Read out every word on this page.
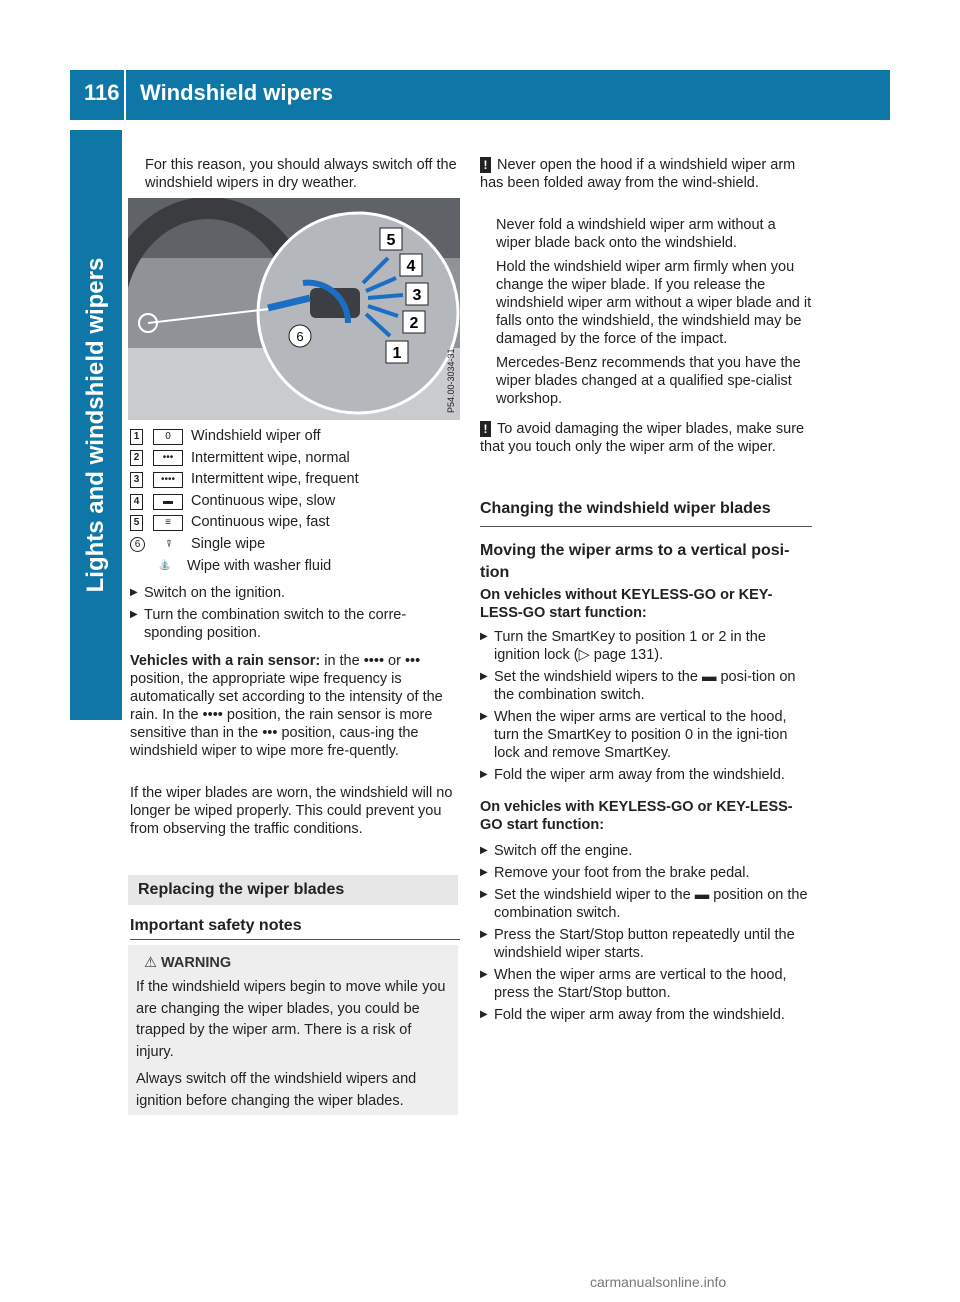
116 Windshield wipers
Lights and windshield wipers

For this reason, you should always switch off the windshield wipers in dry weather.

5
4
3
2
1
6
P54.00-3034-31
1	0	Windshield wiper off
2	•••	Intermittent wipe, normal
3	••••	Intermittent wipe, frequent
4	▬	Continuous wipe, slow
5	≡	Continuous wipe, fast
6	⍒	Single wipe
⛲	Wipe with washer fluid
▶ Switch on the ignition.
▶ Turn the combination switch to the corre-sponding position.

Vehicles with a rain sensor: in the •••• or ••• position, the appropriate wipe frequency is automatically set according to the intensity of the rain. In the •••• position, the rain sensor is more sensitive than in the ••• position, caus-ing the windshield wiper to wipe more fre-quently.

If the wiper blades are worn, the windshield will no longer be wiped properly. This could prevent you from observing the traffic conditions.

Replacing the wiper blades
Important safety notes
⚠ WARNING
If the windshield wipers begin to move while you are changing the wiper blades, you could be trapped by the wiper arm. There is a risk of injury.
Always switch off the windshield wipers and ignition before changing the wiper blades.

! Never open the hood if a windshield wiper arm has been folded away from the wind-shield.

Never fold a windshield wiper arm without a wiper blade back onto the windshield.

Hold the windshield wiper arm firmly when you change the wiper blade. If you release the windshield wiper arm without a wiper blade and it falls onto the windshield, the windshield may be damaged by the force of the impact.

Mercedes-Benz recommends that you have the wiper blades changed at a qualified spe-cialist workshop.

! To avoid damaging the wiper blades, make sure that you touch only the wiper arm of the wiper.

Changing the windshield wiper blades
Moving the wiper arms to a vertical posi-tion

On vehicles without KEYLESS-GO or KEY-LESS-GO start function:

▶ Turn the SmartKey to position 1 or 2 in the ignition lock (▷ page 131).
▶ Set the windshield wipers to the ▬ posi-tion on the combination switch.
▶ When the wiper arms are vertical to the hood, turn the SmartKey to position 0 in the igni-tion lock and remove SmartKey.
▶ Fold the wiper arm away from the windshield.

On vehicles with KEYLESS-GO or KEY-LESS-GO start function:

▶ Switch off the engine.
▶ Remove your foot from the brake pedal.
▶ Set the windshield wiper to the ▬ position on the combination switch.
▶ Press the Start/Stop button repeatedly until the windshield wiper starts.
▶ When the wiper arms are vertical to the hood, press the Start/Stop button.
▶ Fold the wiper arm away from the windshield.
carmanualsonline.info
